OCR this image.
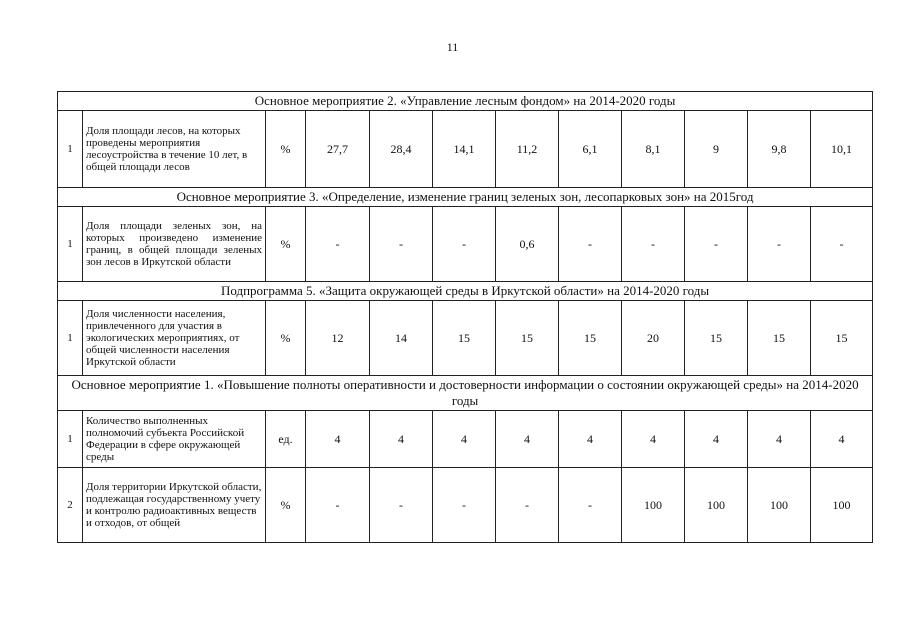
11
Основное мероприятие 2. «Управление лесным фондом» на 2014-2020 годы											
1	Доля площади лесов, на которых проведены мероприятия лесоустройства в течение 10 лет, в общей площади лесов	%	27,7	28,4	14,1	11,2	6,1	8,1	9	9,8	10,1
Основное мероприятие 3. «Определение, изменение границ зеленых зон, лесопарковых зон» на 2015год											
1	Доля площади зеленых зон, на которых произведено изменение границ, в общей площади зеленых зон лесов в Иркутской области	%	-	-	-	0,6	-	-	-	-	-
Подпрограмма 5. «Защита окружающей среды в Иркутской области» на 2014-2020 годы											
1	Доля численности населения, привлеченного для участия в экологических мероприятиях, от общей численности населения Иркутской области	%	12	14	15	15	15	20	15	15	15
Основное мероприятие 1. «Повышение полноты оперативности и достоверности информации о состоянии окружающей среды» на 2014-2020 годы											
1	Количество выполненных полномочий субъекта Российской Федерации в сфере окружающей среды	ед.	4	4	4	4	4	4	4	4	4
2	Доля территории Иркутской области, подлежащая государственному учету и контролю радиоактивных веществ и отходов, от общей	%	-	-	-	-	-	100	100	100	100
